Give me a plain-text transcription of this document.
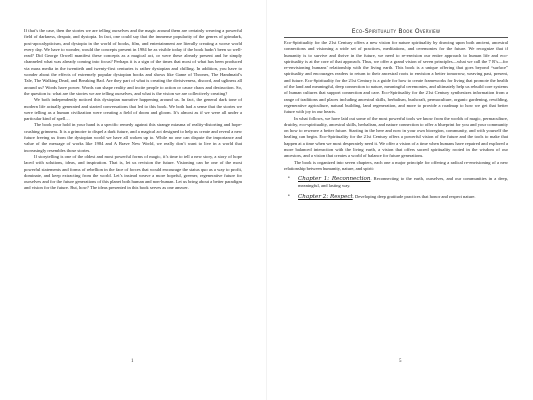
If that’s the case, then the stories we are telling ourselves and the magic around them are certainly weaving a powerful field of darkness, despair, and dystopia. In fact, one could say that the immense popularity of the genres of grimdark, post-apocalypticism, and dystopia in the world of books, film, and entertainment are literally creating a worse world every day. We have to wonder, would the concepts present in 1984 be as visible today if the book hadn’t been so well-read? Did George Orwell manifest these concepts as a magical act, or were these already present and he simply channeled what was already coming into focus? Perhaps it is a sign of the times that most of what has been produced via mass media in the twentieth and twenty-first centuries is rather dystopian and chilling. In addition, you have to wonder about the effects of extremely popular dystopian books and shows like Game of Thrones, The Handmaid’s Tale, The Walking Dead, and Breaking Bad. Are they part of what is creating the divisiveness, discord, and ugliness all around us? Words have power. Words can shape reality and incite people to action or cause chaos and destruction. So, the question is: what are the stories we are telling ourselves, and what is the vision we are collectively creating?

We both independently noticed this dystopian narrative happening around us. In fact, the general dark tone of modern life actually generated and started conversations that led to this book. We both had a sense that the stories we were telling as a human civilization were creating a field of doom and gloom. It’s almost as if we were all under a particular kind of spell…

The book your hold in your hand is a specific remedy against this strange miasma of reality-distorting and hope-crushing grimness. It is a grimoire to dispel a dark future, and a magical act designed to help us create and reveal a new future freeing us from the dystopian world we have all woken up to. While no one can dispute the importance and value of the message of works like 1984 and A Brave New World, we really don’t want to live in a world that increasingly resembles those stories.

If storytelling is one of the oldest and most powerful forms of magic, it’s time to tell a new story, a story of hope laced with solutions, ideas, and inspiration. That is, let us revision the future. Visioning can be one of the most powerful statements and forms of rebellion in the face of forces that would encourage the status quo as a way to profit, dominate, and keep extracting from the world. Let’s instead weave a more hopeful, greener, regenerative future for ourselves and for the future generations of this planet both human and non-human. Let us bring about a better paradigm and vision for the future. But, how? The ideas presented in this book serves as one answer.

1
Eco-Spirituality Book Overview

Eco-Spirituality for the 21st Century offers a new vision for nature spirituality by drawing upon both ancient, ancestral connections and visioning a wide set of practices, meditations, and ceremonies for the future. We recognize that if humanity is to survive and thrive in the future, we need to re-envision our entire approach to human life and eco-spirituality is at the core of that approach. Thus, we offer a grand vision of seven principles—what we call the 7 R’s—for re-envisioning humans’ relationship with the living earth. This book is a unique offering that goes beyond “surface” spirituality and encourages readers to return to their ancestral roots to envision a better tomorrow, weaving past, present, and future. Eco-Spirituality for the 21st Century is a guide for how to create frameworks for living that promote the health of the land and meaningful, deep connection to nature, meaningful ceremonies, and ultimately help us rebuild core systems of human cultures that support connection and care. Eco-Spirituality for the 21st Century synthesizes information from a range of traditions and places including ancestral skills, herbalism, bushcraft, permaculture, organic gardening, rewilding, regenerative agriculture, natural building, land regeneration, and more to provide a roadmap to how we get that better future with joy in our hearts.

In what follows, we have laid out some of the most powerful tools we know from the worlds of magic, permaculture, druidry, eco-spirituality, ancestral skills, herbalism, and nature connection to offer a blueprint for you and your community on how to reweave a better future. Starting in the here and now in your own bioregion, community, and with yourself the healing can begin. Eco-Spirituality for the 21st Century offers a powerful vision of the future and the tools to make that happen at a time when we most desperately need it. We offer a vision of a time when humans have repaired and explored a more balanced interaction with the living earth, a vision that offers sacred spirituality rooted in the wisdom of our ancestors, and a vision that creates a world of balance for future generations.

The book is organized into seven chapters, each one a major principle for offering a radical re-envisioning of a new relationship between humanity, nature, and spirit:

• Chapter 1: Reconnection. Reconnecting to the earth, ourselves, and our communities in a deep, meaningful, and lasting way.
• Chapter 2: Respect. Developing deep gratitude practices that honor and respect nature.
5
